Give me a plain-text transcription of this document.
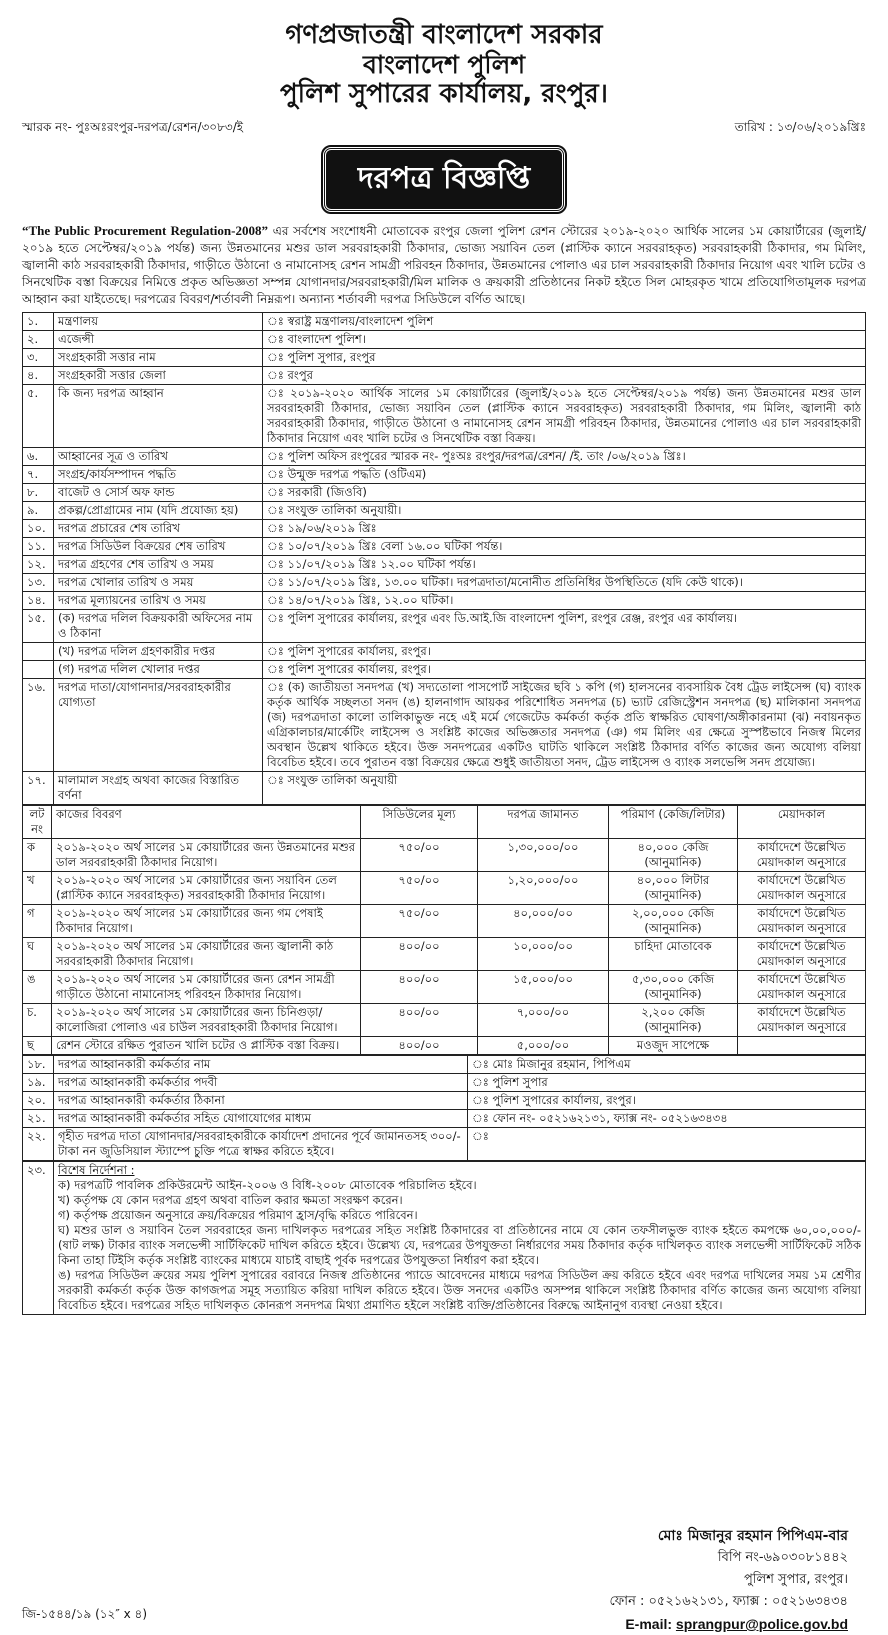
গণপ্রজাতন্ত্রী বাংলাদেশ সরকার
বাংলাদেশ পুলিশ
পুলিশ সুপারের কার্যালয়, রংপুর।
স্মারক নং- পুঃঅঃরংপুর-দরপত্র/রেশন/৩০৮৩/ই	তারিখ : ১৩/০৬/২০১৯খ্রিঃ
দরপত্র বিজ্ঞপ্তি
“The Public Procurement Regulation-2008” এর সর্বশেষ সংশোধনী মোতাবেক রংপুর জেলা পুলিশ রেশন স্টোরের ২০১৯-২০২০ আর্থিক সালের ১ম কোয়ার্টারের (জুলাই/২০১৯ হতে সেপ্টেম্বর/২০১৯ পর্যন্ত) জন্য উন্নতমানের মশুর ডাল সরবরাহকারী ঠিকাদার, ভোজ্য সয়াবিন তেল (প্লাস্টিক ক্যানে সরবরাহকৃত) সরবরাহকারী ঠিকাদার, গম মিলিং, জ্বালানী কাঠ সরবরাহকারী ঠিকাদার, গাড়ীতে উঠানো ও নামানোসহ রেশন সামগ্রী পরিবহন ঠিকাদার, উন্নতমানের পোলাও এর চাল সরবরাহকারী ঠিকাদার নিয়োগ এবং খালি চটের ও সিনথেটিক বস্তা বিক্রয়ের নিমিত্তে প্রকৃত অভিজ্ঞতা সম্পন্ন যোগানদার/সরবরাহকারী/মিল মালিক ও ক্রয়কারী প্রতিষ্ঠানের নিকট হইতে সিল মোহরকৃত খামে প্রতিযোগিতামূলক দরপত্র আহ্বান করা যাইতেছে। দরপত্রের বিবরণ/শর্তাবলী নিম্নরূপ। অন্যান্য শর্তাবলী দরপত্র সিডিউলে বর্ণিত আছে।
১.	মন্ত্রণালয়	ঃ স্বরাষ্ট্র মন্ত্রণালয়/বাংলাদেশ পুলিশ
২.	এজেন্সী	ঃ বাংলাদেশ পুলিশ।
৩.	সংগ্রহকারী সত্তার নাম	ঃ পুলিশ সুপার, রংপুর
৪.	সংগ্রহকারী সত্তার জেলা	ঃ রংপুর
৫.	কি জন্য দরপত্র আহ্বান	ঃ ২০১৯-২০২০ আর্থিক সালের ১ম কোয়ার্টারের (জুলাই/২০১৯ হতে সেপ্টেম্বর/২০১৯ পর্যন্ত) জন্য উন্নতমানের মশুর ডাল সরবরাহকারী ঠিকাদার, ভোজ্য সয়াবিন তেল (প্লাস্টিক ক্যানে সরবরাহকৃত) সরবরাহকারী ঠিকাদার, গম মিলিং, জ্বালানী কাঠ সরবরাহকারী ঠিকাদার, গাড়ীতে উঠানো ও নামানোসহ রেশন সামগ্রী পরিবহন ঠিকাদার, উন্নতমানের পোলাও এর চাল সরবরাহকারী ঠিকাদার নিয়োগ এবং খালি চটের ও সিনথেটিক বস্তা বিক্রয়।
৬.	আহ্বানের সূত্র ও তারিখ	ঃ পুলিশ অফিস রংপুরের স্মারক নং- পুঃঅঃ রংপুর/দরপত্র/রেশন/ /ই. তাং /০৬/২০১৯ খ্রিঃ।
৭.	সংগ্রহ/কার্যসম্পাদন পদ্ধতি	ঃ উন্মুক্ত দরপত্র পদ্ধতি (ওটিএম)
৮.	বাজেট ও সোর্স অফ ফান্ড	ঃ সরকারী (জিওবি)
৯.	প্রকল্প/প্রোগ্রামের নাম (যদি প্রযোজ্য হয়)	ঃ সংযুক্ত তালিকা অনুযায়ী।
১০.	দরপত্র প্রচারের শেষ তারিখ	ঃ ১৯/০৬/২০১৯ খ্রিঃ
১১.	দরপত্র সিডিউল বিক্রয়ের শেষ তারিখ	ঃ ১০/০৭/২০১৯ খ্রিঃ বেলা ১৬.০০ ঘটিকা পর্যন্ত।
১২.	দরপত্র গ্রহণের শেষ তারিখ ও সময়	ঃ ১১/০৭/২০১৯ খ্রিঃ ১২.০০ ঘটিকা পর্যন্ত।
১৩.	দরপত্র খোলার তারিখ ও সময়	ঃ ১১/০৭/২০১৯ খ্রিঃ, ১৩.০০ ঘটিকা। দরপত্রদাতা/মনোনীত প্রতিনিধির উপস্থিতিতে (যদি কেউ থাকে)।
১৪.	দরপত্র মূল্যায়নের তারিখ ও সময়	ঃ ১৪/০৭/২০১৯ খ্রিঃ, ১২.০০ ঘটিকা।
১৫.	(ক) দরপত্র দলিল বিক্রয়কারী অফিসের নাম ও ঠিকানা	ঃ পুলিশ সুপারের কার্যালয়, রংপুর এবং ডি.আই.জি বাংলাদেশ পুলিশ, রংপুর রেঞ্জ, রংপুর এর কার্যালয়।
	(খ) দরপত্র দলিল গ্রহণকারীর দপ্তর	ঃ পুলিশ সুপারের কার্যালয়, রংপুর।
	(গ) দরপত্র দলিল খোলার দপ্তর	ঃ পুলিশ সুপারের কার্যালয়, রংপুর।
১৬.	দরপত্র দাতা/যোগানদার/সরবরাহকারীর যোগ্যতা	ঃ (ক) জাতীয়তা সনদপত্র (খ) সদ্যতোলা পাসপোর্ট সাইজের ছবি ১ কপি (গ) হালসনের ব্যবসায়িক বৈধ ট্রেড লাইসেন্স (ঘ) ব্যাংক কর্তৃক আর্থিক সচ্ছলতা সনদ (ঙ) হালনাগাদ আয়কর পরিশোধিত সনদপত্র (চ) ভ্যাট রেজিস্ট্রেশন সনদপত্র (ছ) মালিকানা সনদপত্র (জ) দরপত্রদাতা কালো তালিকাভুক্ত নহে এই মর্মে গেজেটেড কর্মকর্তা কর্তৃক প্রতি স্বাক্ষরিত ঘোষণা/অঙ্গীকারনামা (ঝ) নবায়নকৃত এগ্রিকালচার/মার্কেটিং লাইসেন্স ও সংশ্লিষ্ট কাজের অভিজ্ঞতার সনদপত্র (ঞ) গম মিলিং এর ক্ষেত্রে সুস্পষ্টভাবে নিজস্ব মিলের অবস্থান উল্লেখ থাকিতে হইবে। উক্ত সনদপত্রের একটিও ঘাটতি থাকিলে সংশ্লিষ্ট ঠিকাদার বর্ণিত কাজের জন্য অযোগ্য বলিয়া বিবেচিত হইবে। তবে পুরাতন বস্তা বিক্রয়ের ক্ষেত্রে শুধুই জাতীয়তা সনদ, ট্রেড লাইসেন্স ও ব্যাংক সলভেন্সি সনদ প্রযোজ্য।
১৭.	মালামাল সংগ্রহ অথবা কাজের বিস্তারিত বর্ণনা	ঃ সংযুক্ত তালিকা অনুযায়ী
লট নং	কাজের বিবরণ	সিডিউলের মূল্য	দরপত্র জামানত	পরিমাণ (কেজি/লিটার)	মেয়াদকাল
ক	২০১৯-২০২০ অর্থ সালের ১ম কোয়ার্টারের জন্য উন্নতমানের মশুর ডাল সরবরাহকারী ঠিকাদার নিয়োগ।	৭৫০/০০	১,৩০,০০০/০০	৪০,০০০ কেজি (আনুমানিক)	কার্যাদেশে উল্লেখিত মেয়াদকাল অনুসারে
খ	২০১৯-২০২০ অর্থ সালের ১ম কোয়ার্টারের জন্য সয়াবিন তেল (প্লাস্টিক ক্যানে সরবরাহকৃত) সরবরাহকারী ঠিকাদার নিয়োগ।	৭৫০/০০	১,২০,০০০/০০	৪০,০০০ লিটার (আনুমানিক)	কার্যাদেশে উল্লেখিত মেয়াদকাল অনুসারে
গ	২০১৯-২০২০ অর্থ সালের ১ম কোয়ার্টারের জন্য গম পেষাই ঠিকাদার নিয়োগ।	৭৫০/০০	৪০,০০০/০০	২,০০,০০০ কেজি (আনুমানিক)	কার্যাদেশে উল্লেখিত মেয়াদকাল অনুসারে
ঘ	২০১৯-২০২০ অর্থ সালের ১ম কোয়ার্টারের জন্য জ্বালানী কাঠ সরবরাহকারী ঠিকাদার নিয়োগ।	৪০০/০০	১০,০০০/০০	চাহিদা মোতাবেক	কার্যাদেশে উল্লেখিত মেয়াদকাল অনুসারে
ঙ	২০১৯-২০২০ অর্থ সালের ১ম কোয়ার্টারের জন্য রেশন সামগ্রী গাড়ীতে উঠানো নামানোসহ পরিবহন ঠিকাদার নিয়োগ।	৪০০/০০	১৫,০০০/০০	৫,৩০,০০০ কেজি (আনুমানিক)	কার্যাদেশে উল্লেখিত মেয়াদকাল অনুসারে
চ.	২০১৯-২০২০ অর্থ সালের ১ম কোয়ার্টারের জন্য চিনিগুড়া/কালোজিরা পোলাও এর চাউল সরবরাহকারী ঠিকাদার নিয়োগ।	৪০০/০০	৭,০০০/০০	২,২০০ কেজি (আনুমানিক)	কার্যাদেশে উল্লেখিত মেয়াদকাল অনুসারে
ছ	রেশন স্টোরে রক্ষিত পুরাতন খালি চটের ও প্লাস্টিক বস্তা বিক্রয়।	৪০০/০০	৫,০০০/০০	মওজুদ সাপেক্ষে	
১৮.	দরপত্র আহ্বানকারী কর্মকর্তার নাম	ঃ মোঃ মিজানুর রহমান, পিপিএম
১৯.	দরপত্র আহ্বানকারী কর্মকর্তার পদবী	ঃ পুলিশ সুপার
২০.	দরপত্র আহ্বানকারী কর্মকর্তার ঠিকানা	ঃ পুলিশ সুপারের কার্যালয়, রংপুর।
২১.	দরপত্র আহ্বানকারী কর্মকর্তার সহিত যোগাযোগের মাধ্যম	ঃ ফোন নং- ০৫২১৬২১৩১, ফ্যাক্স নং- ০৫২১৬৩৪৩৪
২২.	গৃহীত দরপত্র দাতা যোগানদার/সরবরাহকারীকে কার্যাদেশ প্রদানের পূর্বে জামানতসহ ৩০০/- টাকা নন জুডিসিয়াল স্ট্যাম্পে চুক্তি পত্রে স্বাক্ষর করিতে হইবে।	ঃ
২৩.	বিশেষ নির্দেশনা :
ক) দরপত্রটি পাবলিক প্রকিউরমেন্ট আইন-২০০৬ ও বিধি-২০০৮ মোতাবেক পরিচালিত হইবে।
খ) কর্তৃপক্ষ যে কোন দরপত্র গ্রহণ অথবা বাতিল করার ক্ষমতা সংরক্ষণ করেন।
গ) কর্তৃপক্ষ প্রয়োজন অনুসারে ক্রয়/বিক্রয়ের পরিমাণ হ্রাস/বৃদ্ধি করিতে পারিবেন।
ঘ) মশুর ডাল ও সয়াবিন তৈল সরবরাহের জন্য দাখিলকৃত দরপত্রের সহিত সংশ্লিষ্ট ঠিকাদারের বা প্রতিষ্ঠানের নামে যে কোন তফসীলভুক্ত ব্যাংক হইতে কমপক্ষে ৬০,০০,০০০/- (ষাট লক্ষ) টাকার ব্যাংক সলভেন্সী সার্টিফিকেট দাখিল করিতে হইবে। উল্লেখ্য যে, দরপত্রের উপযুক্ততা নির্ধারণের সময় ঠিকাদার কর্তৃক দাখিলকৃত ব্যাংক সলভেন্সী সার্টিফিকেট সঠিক কিনা তাহা টিইসি কর্তৃক সংশ্লিষ্ট ব্যাংকের মাধ্যমে যাচাই বাছাই পূর্বক দরপত্রের উপযুক্ততা নির্ধারণ করা হইবে।
ঙ) দরপত্র সিডিউল ক্রয়ের সময় পুলিশ সুপারের বরাবরে নিজস্ব প্রতিষ্ঠানের প্যাডে আবেদনের মাধ্যমে দরপত্র সিডিউল ক্রয় করিতে হইবে এবং দরপত্র দাখিলের সময় ১ম শ্রেণীর সরকারী কর্মকর্তা কর্তৃক উক্ত কাগজপত্র সমূহ সত্যায়িত করিয়া দাখিল করিতে হইবে। উক্ত সনদের একটিও অসম্পন্ন থাকিলে সংশ্লিষ্ট ঠিকাদার বর্ণিত কাজের জন্য অযোগ্য বলিয়া বিবেচিত হইবে। দরপত্রের সহিত দাখিলকৃত কোনরূপ সনদপত্র মিথ্যা প্রমাণিত হইলে সংশ্লিষ্ট ব্যক্তি/প্রতিষ্ঠানের বিরুদ্ধে আইনানুগ ব্যবস্থা নেওয়া হইবে।
মোঃ মিজানুর রহমান পিপিএম-বার
বিপি নং-৬৯০৩০৮১৪৪২
পুলিশ সুপার, রংপুর।
ফোন : ০৫২১৬২১৩১, ফ্যাক্স : ০৫২১৬৩৪৩৪
E-mail: sprangpur@police.gov.bd
জি-১৫৪৪/১৯ (১২″ x ৪)
